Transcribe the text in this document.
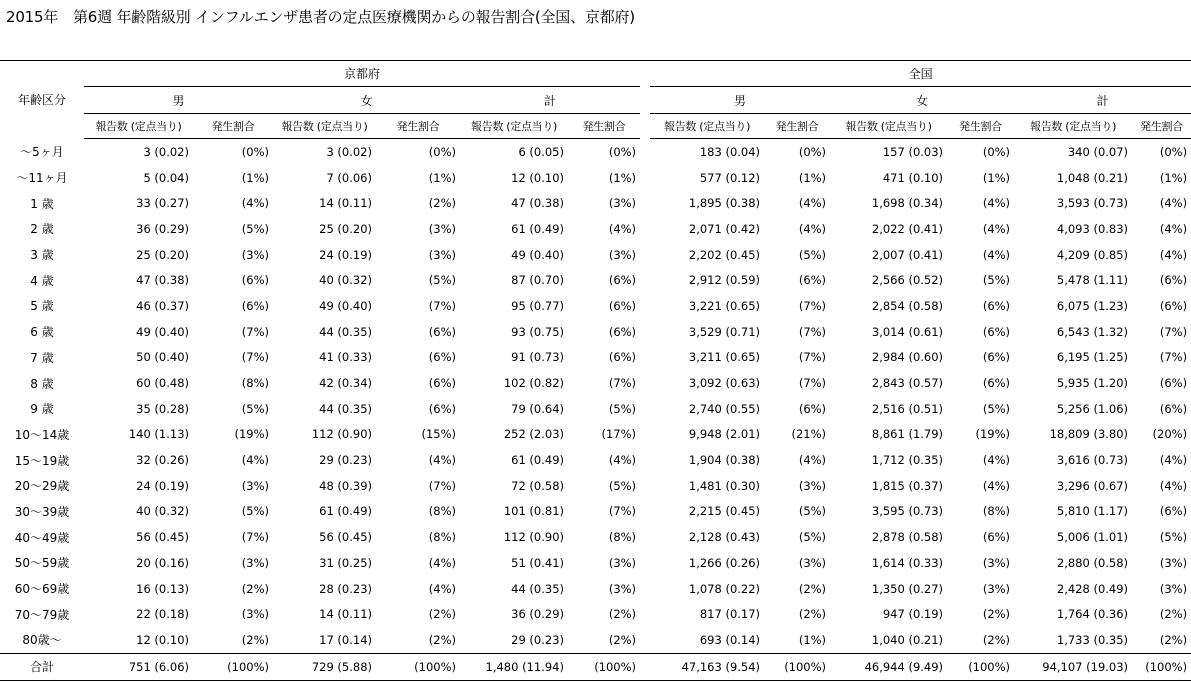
2015年　第6週 年齢階級別 インフルエンザ患者の定点医療機関からの報告割合(全国、京都府)
年齢区分	京都府							全国					
	男		女		計			男		女		計	
	報告数 (定点当り)	発生割合	報告数 (定点当り)	発生割合	報告数 (定点当り)	発生割合		報告数 (定点当り)	発生割合	報告数 (定点当り)	発生割合	報告数 (定点当り)	発生割合
～5ヶ月	3 (0.02)	(0%)	3 (0.02)	(0%)	6 (0.05)	(0%)		183 (0.04)	(0%)	157 (0.03)	(0%)	340 (0.07)	(0%)
～11ヶ月	5 (0.04)	(1%)	7 (0.06)	(1%)	12 (0.10)	(1%)		577 (0.12)	(1%)	471 (0.10)	(1%)	1,048 (0.21)	(1%)
1 歳	33 (0.27)	(4%)	14 (0.11)	(2%)	47 (0.38)	(3%)		1,895 (0.38)	(4%)	1,698 (0.34)	(4%)	3,593 (0.73)	(4%)
2 歳	36 (0.29)	(5%)	25 (0.20)	(3%)	61 (0.49)	(4%)		2,071 (0.42)	(4%)	2,022 (0.41)	(4%)	4,093 (0.83)	(4%)
3 歳	25 (0.20)	(3%)	24 (0.19)	(3%)	49 (0.40)	(3%)		2,202 (0.45)	(5%)	2,007 (0.41)	(4%)	4,209 (0.85)	(4%)
4 歳	47 (0.38)	(6%)	40 (0.32)	(5%)	87 (0.70)	(6%)		2,912 (0.59)	(6%)	2,566 (0.52)	(5%)	5,478 (1.11)	(6%)
5 歳	46 (0.37)	(6%)	49 (0.40)	(7%)	95 (0.77)	(6%)		3,221 (0.65)	(7%)	2,854 (0.58)	(6%)	6,075 (1.23)	(6%)
6 歳	49 (0.40)	(7%)	44 (0.35)	(6%)	93 (0.75)	(6%)		3,529 (0.71)	(7%)	3,014 (0.61)	(6%)	6,543 (1.32)	(7%)
7 歳	50 (0.40)	(7%)	41 (0.33)	(6%)	91 (0.73)	(6%)		3,211 (0.65)	(7%)	2,984 (0.60)	(6%)	6,195 (1.25)	(7%)
8 歳	60 (0.48)	(8%)	42 (0.34)	(6%)	102 (0.82)	(7%)		3,092 (0.63)	(7%)	2,843 (0.57)	(6%)	5,935 (1.20)	(6%)
9 歳	35 (0.28)	(5%)	44 (0.35)	(6%)	79 (0.64)	(5%)		2,740 (0.55)	(6%)	2,516 (0.51)	(5%)	5,256 (1.06)	(6%)
10～14歳	140 (1.13)	(19%)	112 (0.90)	(15%)	252 (2.03)	(17%)		9,948 (2.01)	(21%)	8,861 (1.79)	(19%)	18,809 (3.80)	(20%)
15～19歳	32 (0.26)	(4%)	29 (0.23)	(4%)	61 (0.49)	(4%)		1,904 (0.38)	(4%)	1,712 (0.35)	(4%)	3,616 (0.73)	(4%)
20～29歳	24 (0.19)	(3%)	48 (0.39)	(7%)	72 (0.58)	(5%)		1,481 (0.30)	(3%)	1,815 (0.37)	(4%)	3,296 (0.67)	(4%)
30～39歳	40 (0.32)	(5%)	61 (0.49)	(8%)	101 (0.81)	(7%)		2,215 (0.45)	(5%)	3,595 (0.73)	(8%)	5,810 (1.17)	(6%)
40～49歳	56 (0.45)	(7%)	56 (0.45)	(8%)	112 (0.90)	(8%)		2,128 (0.43)	(5%)	2,878 (0.58)	(6%)	5,006 (1.01)	(5%)
50～59歳	20 (0.16)	(3%)	31 (0.25)	(4%)	51 (0.41)	(3%)		1,266 (0.26)	(3%)	1,614 (0.33)	(3%)	2,880 (0.58)	(3%)
60～69歳	16 (0.13)	(2%)	28 (0.23)	(4%)	44 (0.35)	(3%)		1,078 (0.22)	(2%)	1,350 (0.27)	(3%)	2,428 (0.49)	(3%)
70～79歳	22 (0.18)	(3%)	14 (0.11)	(2%)	36 (0.29)	(2%)		817 (0.17)	(2%)	947 (0.19)	(2%)	1,764 (0.36)	(2%)
80歳～	12 (0.10)	(2%)	17 (0.14)	(2%)	29 (0.23)	(2%)		693 (0.14)	(1%)	1,040 (0.21)	(2%)	1,733 (0.35)	(2%)
合計	751 (6.06)	(100%)	729 (5.88)	(100%)	1,480 (11.94)	(100%)		47,163 (9.54)	(100%)	46,944 (9.49)	(100%)	94,107 (19.03)	(100%)
